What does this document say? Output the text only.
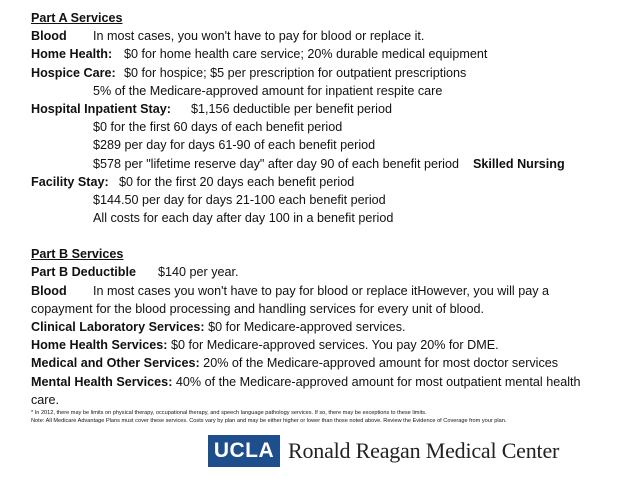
Part A Services
Blood In most cases, you won't have to pay for blood or replace it.
Home Health: $0 for home health care service; 20% durable medical equipment
Hospice Care: $0 for hospice; $5 per prescription for outpatient prescriptions
5% of the Medicare-approved amount for inpatient respite care
Hospital Inpatient Stay: $1,156 deductible per benefit period
$0 for the first 60 days of each benefit period
$289 per day for days 61-90 of each benefit period
$578 per "lifetime reserve day" after day 90 of each benefit period Skilled Nursing
Facility Stay: $0 for the first 20 days each benefit period
$144.50 per day for days 21-100 each benefit period
All costs for each day after day 100 in a benefit period
Part B Services
Part B Deductible $140 per year.
Blood In most cases you won't have to pay for blood or replace itHowever, you will pay a
copayment for the blood processing and handling services for every unit of blood.
Clinical Laboratory Services: $0 for Medicare-approved services.
Home Health Services: $0 for Medicare-approved services. You pay 20% for DME.
Medical and Other Services: 20% of the Medicare-approved amount for most doctor services
Mental Health Services: 40% of the Medicare-approved amount for most outpatient mental health
care.
* In 2012, there may be limits on physical therapy, occupational therapy, and speech language pathology services. If so, there may be exceptions to these limits.
Note: All Medicare Advantage Plans must cover these services. Costs vary by plan and may be either higher or lower than those noted above. Review the Evidence of Coverage from your plan.
UCLA Ronald Reagan Medical Center
